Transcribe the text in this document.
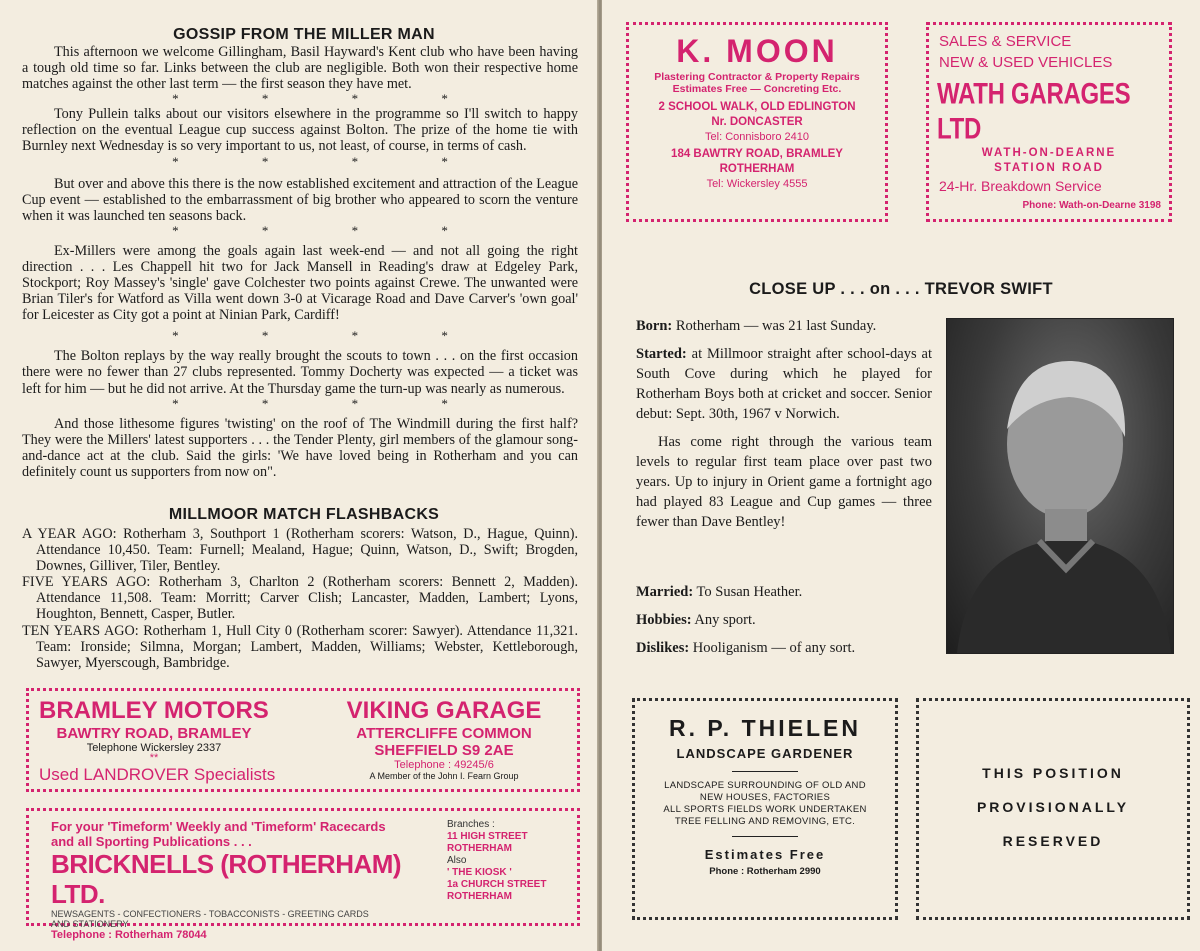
GOSSIP FROM THE MILLER MAN

This afternoon we welcome Gillingham, Basil Hayward's Kent club who have been having a tough old time so far. Links between the club are negligible. Both won their respective home matches against the other last term — the first season they have met.

* * * *

Tony Pullein talks about our visitors elsewhere in the programme so I'll switch to happy reflection on the eventual League cup success against Bolton. The prize of the home tie with Burnley next Wednesday is so very important to us, not least, of course, in terms of cash.

* * * *

But over and above this there is the now established excitement and attraction of the League Cup event — established to the embarrassment of big brother who appeared to scorn the venture when it was launched ten seasons back.

* * * *

Ex-Millers were among the goals again last week-end — and not all going the right direction . . . Les Chappell hit two for Jack Mansell in Reading's draw at Edgeley Park, Stockport; Roy Massey's 'single' gave Colchester two points against Crewe. The unwanted were Brian Tiler's for Watford as Villa went down 3-0 at Vicarage Road and Dave Carver's 'own goal' for Leicester as City got a point at Ninian Park, Cardiff!

* * * *

The Bolton replays by the way really brought the scouts to town . . . on the first occasion there were no fewer than 27 clubs represented. Tommy Docherty was expected — a ticket was left for him — but he did not arrive. At the Thursday game the turn-up was nearly as numerous.

* * * *

And those lithesome figures 'twisting' on the roof of The Windmill during the first half? They were the Millers' latest supporters . . . the Tender Plenty, girl members of the glamour song-and-dance act at the club. Said the girls: 'We have loved being in Rotherham and you can definitely count us supporters from now on".

MILLMOOR MATCH FLASHBACKS

A YEAR AGO: Rotherham 3, Southport 1 (Rotherham scorers: Watson, D., Hague, Quinn). Attendance 10,450. Team: Furnell; Mealand, Hague; Quinn, Watson, D., Swift; Brogden, Downes, Gilliver, Tiler, Bentley.

FIVE YEARS AGO: Rotherham 3, Charlton 2 (Rotherham scorers: Bennett 2, Madden). Attendance 11,508. Team: Morritt; Carver Clish; Lancaster, Madden, Lambert; Lyons, Houghton, Bennett, Casper, Butler.

TEN YEARS AGO: Rotherham 1, Hull City 0 (Rotherham scorer: Sawyer). Attendance 11,321. Team: Ironside; Silmna, Morgan; Lambert, Madden, Williams; Webster, Kettleborough, Sawyer, Myerscough, Bambridge.

BRAMLEY MOTORS
BAWTRY ROAD, BRAMLEY
Telephone Wickersley 2337
**
Used LANDROVER Specialists
VIKING GARAGE
ATTERCLIFFE COMMON
SHEFFIELD S9 2AE
Telephone : 49245/6
A Member of the John I. Fearn Group
For your 'Timeform' Weekly and 'Timeform' Racecards
and all Sporting Publications . . .
BRICKNELLS (ROTHERHAM) LTD.
NEWSAGENTS - CONFECTIONERS - TOBACCONISTS - GREETING CARDS
AND STATIONERY
Telephone : Rotherham 78044
Branches :
11 HIGH STREET
ROTHERHAM
Also
' THE KIOSK '
1a CHURCH STREET
ROTHERHAM
K. MOON
Plastering Contractor & Property Repairs
Estimates Free — Concreting Etc.
2 SCHOOL WALK, OLD EDLINGTON
Nr. DONCASTER
Tel: Connisboro 2410
184 BAWTRY ROAD, BRAMLEY
ROTHERHAM
Tel: Wickersley 4555
SALES & SERVICE
NEW & USED VEHICLES
WATH GARAGES LTD
WATH-ON-DEARNE
STATION ROAD
24-Hr. Breakdown Service
Phone: Wath-on-Dearne 3198
CLOSE UP . . . on . . . TREVOR SWIFT

Born: Rotherham — was 21 last Sunday.

Started: at Millmoor straight after school-days at South Cove during which he played for Rotherham Boys both at cricket and soccer. Senior debut: Sept. 30th, 1967 v Norwich.

Has come right through the various team levels to regular first team place over past two years. Up to injury in Orient game a fortnight ago had played 83 League and Cup games — three fewer than Dave Bentley!

Married: To Susan Heather.

Hobbies: Any sport.

Dislikes: Hooliganism — of any sort.

R. P. THIELEN
LANDSCAPE GARDENER
LANDSCAPE SURROUNDING OF OLD AND
NEW HOUSES, FACTORIES
ALL SPORTS FIELDS WORK UNDERTAKEN
TREE FELLING AND REMOVING, ETC.
Estimates Free
Phone : Rotherham 2990
THIS POSITION
PROVISIONALLY
RESERVED
